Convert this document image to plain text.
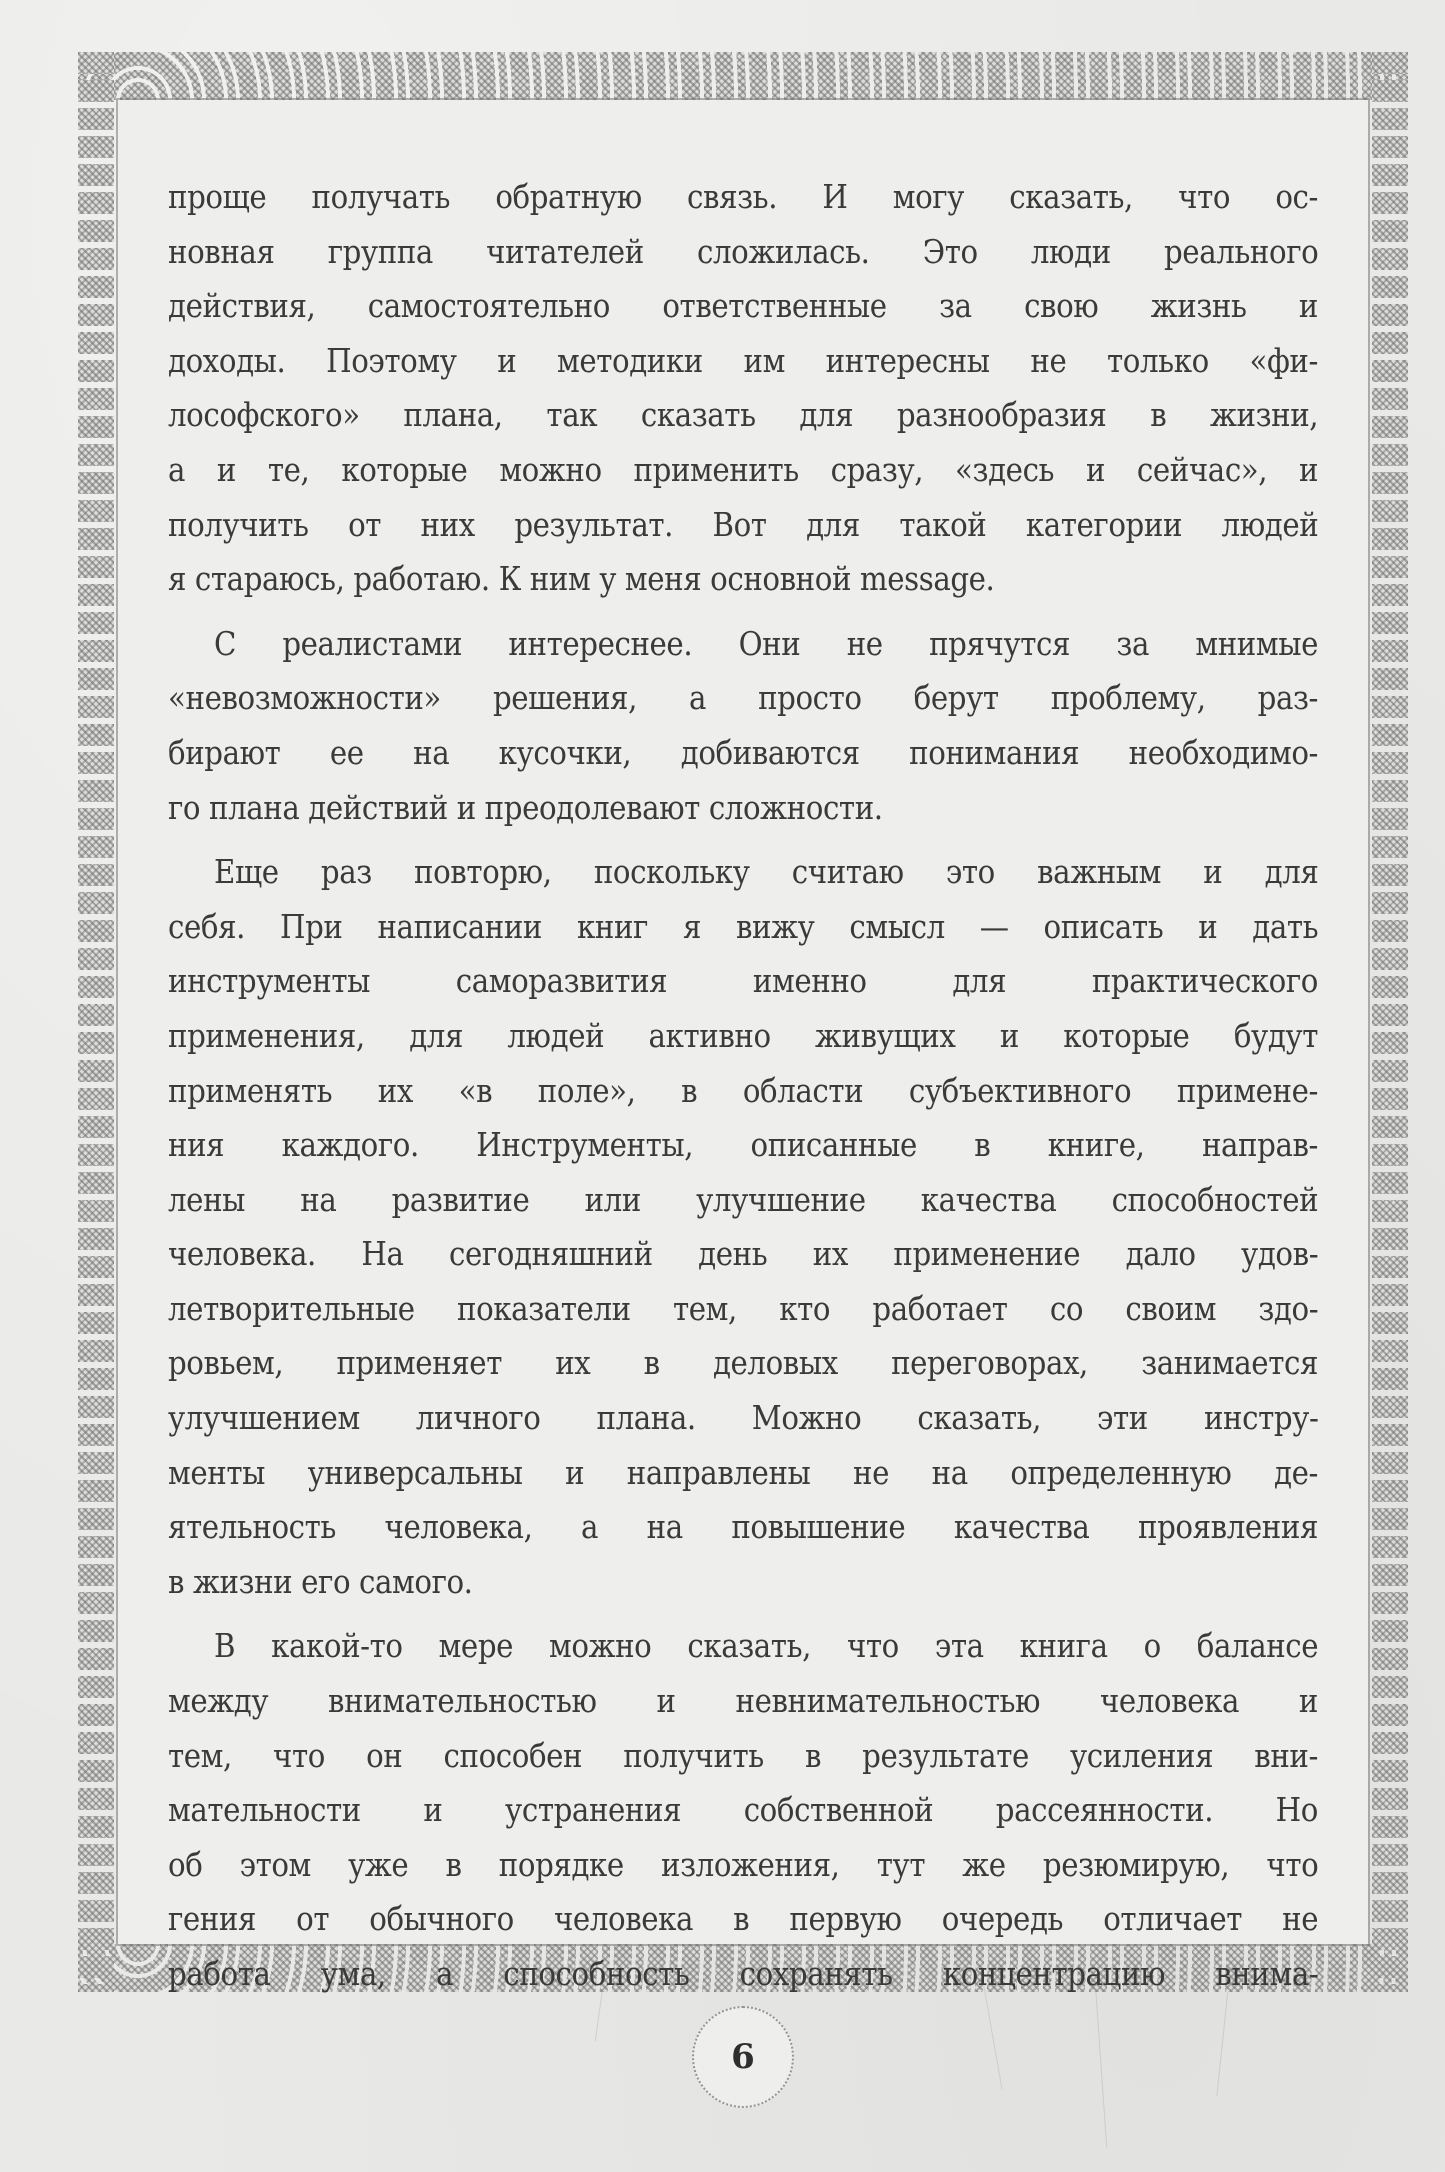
проще получать обратную связь. И могу сказать, что ос-
новная группа читателей сложилась. Это люди реального
действия, самостоятельно ответственные за свою жизнь и
доходы. Поэтому и методики им интересны не только «фи-
лософского» плана, так сказать для разнообразия в жизни,
а и те, которые можно применить сразу, «здесь и сейчас», и
получить от них результат. Вот для такой категории людей
я стараюсь, работаю. К ним у меня основной message.

С реалистами интереснее. Они не прячутся за мнимые
«невозможности» решения, а просто берут проблему, раз-
бирают ее на кусочки, добиваются понимания необходимо-
го плана действий и преодолевают сложности.

Еще раз повторю, поскольку считаю это важным и для
себя. При написании книг я вижу смысл — описать и дать
инструменты саморазвития именно для практического
применения, для людей активно живущих и которые будут
применять их «в поле», в области субъективного примене-
ния каждого. Инструменты, описанные в книге, направ-
лены на развитие или улучшение качества способностей
человека. На сегодняшний день их применение дало удов-
летворительные показатели тем, кто работает со своим здо-
ровьем, применяет их в деловых переговорах, занимается
улучшением личного плана. Можно сказать, эти инстру-
менты универсальны и направлены не на определенную де-
ятельность человека, а на повышение качества проявления
в жизни его самого.

В какой-то мере можно сказать, что эта книга о балансе
между внимательностью и невнимательностью человека и
тем, что он способен получить в результате усиления вни-
мательности и устранения собственной рассеянности. Но
об этом уже в порядке изложения, тут же резюмирую, что
гения от обычного человека в первую очередь отличает не
работа ума, а способность сохранять концентрацию внима-

6
